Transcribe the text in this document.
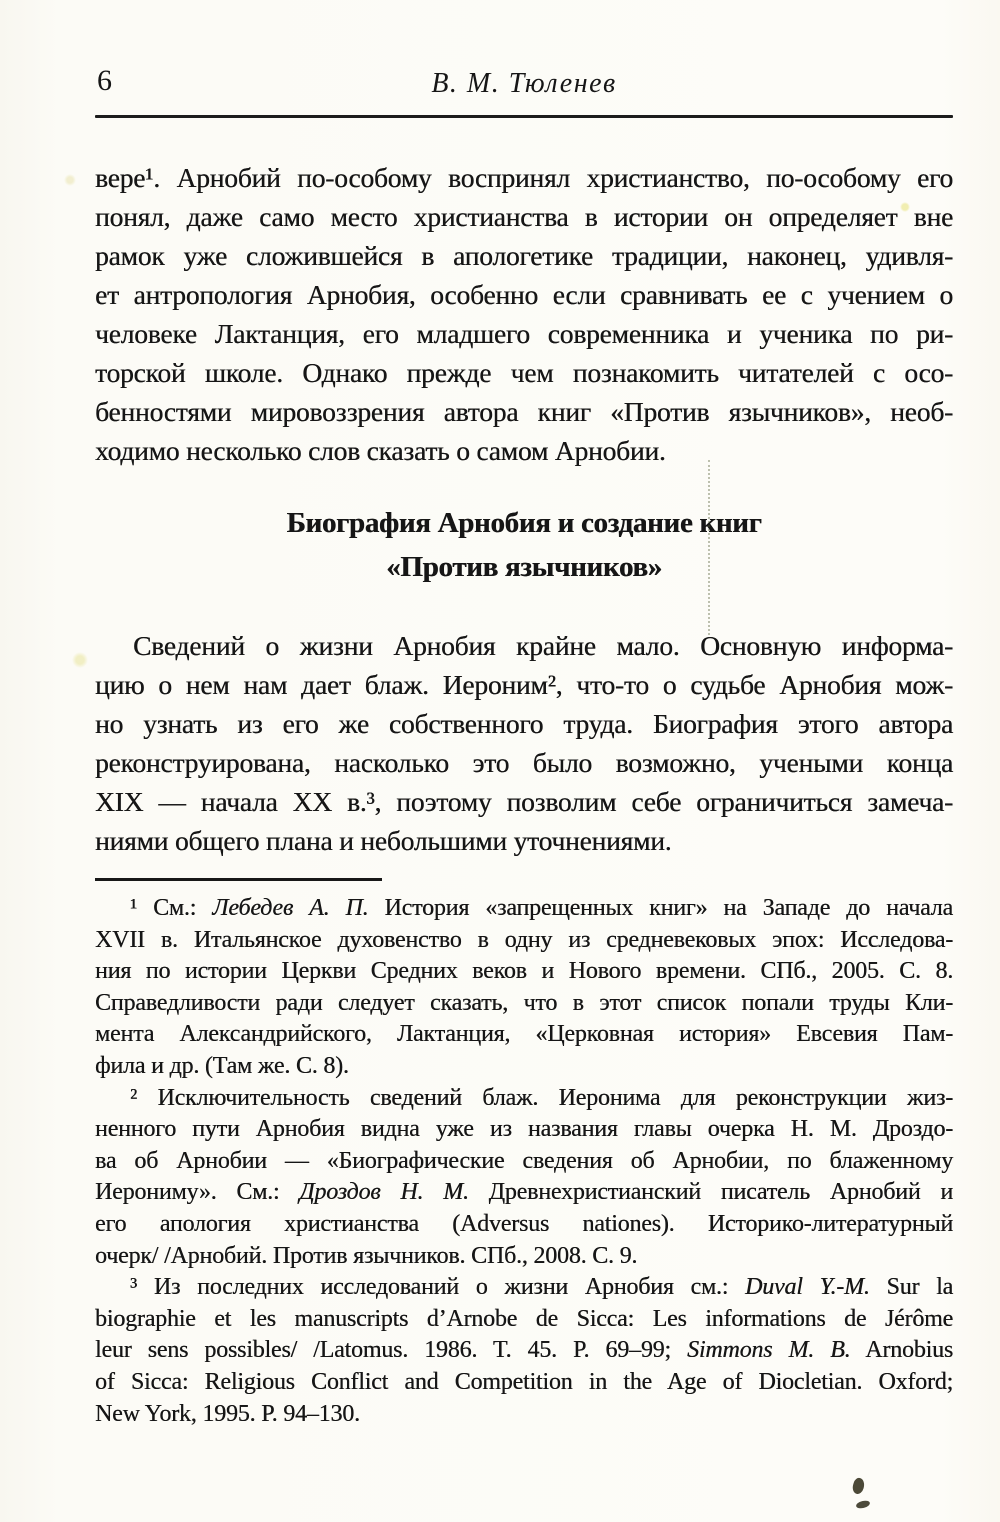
6	В. М. Тюленев
вере¹. Арнобий по-особому воспринял христианство, по-особому его
понял, даже само место христианства в истории он определяет вне
рамок уже сложившейся в апологетике традиции, наконец, удивля-
ет антропология Арнобия, особенно если сравнивать ее с учением о
человеке Лактанция, его младшего современника и ученика по ри-
торской школе. Однако прежде чем познакомить читателей с осо-
бенностями мировоззрения автора книг «Против язычников», необ-
ходимо несколько слов сказать о самом Арнобии.
Биография Арнобия и создание книг
«Против язычников»
Сведений о жизни Арнобия крайне мало. Основную информа-
цию о нем нам дает блаж. Иероним², что-то о судьбе Арнобия мож-
но узнать из его же собственного труда. Биография этого автора
реконструирована, насколько это было возможно, учеными конца
XIX — начала XX в.³, поэтому позволим себе ограничиться замеча-
ниями общего плана и небольшими уточнениями.
¹ См.: Лебедев А. П. История «запрещенных книг» на Западе до начала
XVII в. Итальянское духовенство в одну из средневековых эпох: Исследова-
ния по истории Церкви Средних веков и Нового времени. СПб., 2005. С. 8.
Справедливости ради следует сказать, что в этот список попали труды Кли-
мента Александрийского, Лактанция, «Церковная история» Евсевия Пам-
фила и др. (Там же. С. 8).
² Исключительность сведений блаж. Иеронима для реконструкции жиз-
ненного пути Арнобия видна уже из названия главы очерка Н. М. Дроздо-
ва об Арнобии — «Биографические сведения об Арнобии, по блаженному
Иерониму». См.: Дроздов Н. М. Древнехристианский писатель Арнобий и
его апология христианства (Adversus nationes). Историко-литературный
очерк/ /Арнобий. Против язычников. СПб., 2008. С. 9.
³ Из последних исследований о жизни Арнобия см.: Duval Y.-M. Sur la
biographie et les manuscripts d’Arnobe de Sicca: Les informations de Jérôme
leur sens possibles/ /Latomus. 1986. T. 45. P. 69–99; Simmons M. B. Arnobius
of Sicca: Religious Conflict and Competition in the Age of Diocletian. Oxford;
New York, 1995. P. 94–130.
